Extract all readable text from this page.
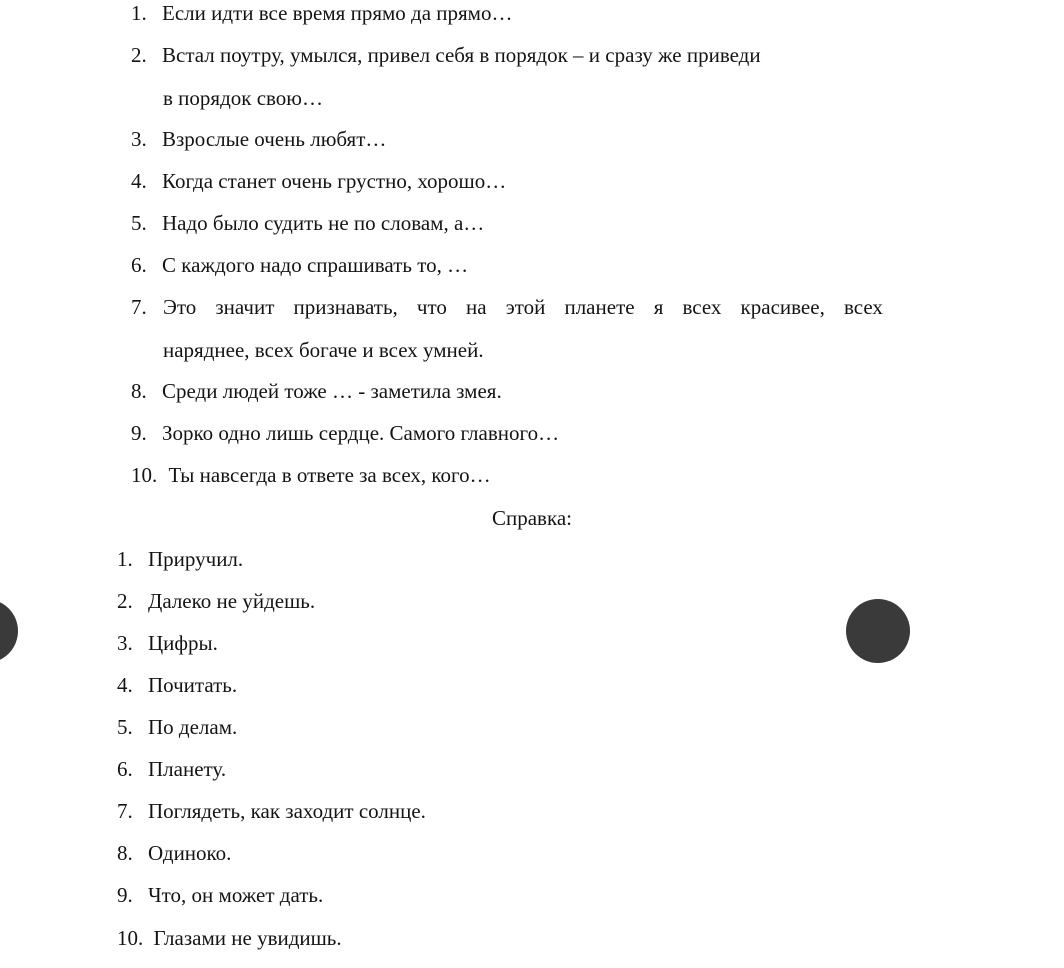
1. Если идти все время прямо да прямо…
2. Встал поутру, умылся, привел себя в порядок – и сразу же приведи
в порядок свою…
3. Взрослые очень любят…
4. Когда станет очень грустно, хорошо…
5. Надо было судить не по словам, а…
6. С каждого надо спрашивать то, …
7. Это значит признавать, что на этой планете я всех красивее, всех
наряднее, всех богаче и всех умней.
8. Среди людей тоже … - заметила змея.
9. Зорко одно лишь сердце. Самого главного…
10. Ты навсегда в ответе за всех, кого…
Справка:
1. Приручил.
2. Далеко не уйдешь.
3. Цифры.
4. Почитать.
5. По делам.
6. Планету.
7. Поглядеть, как заходит солнце.
8. Одиноко.
9. Что, он может дать.
10. Глазами не увидишь.
